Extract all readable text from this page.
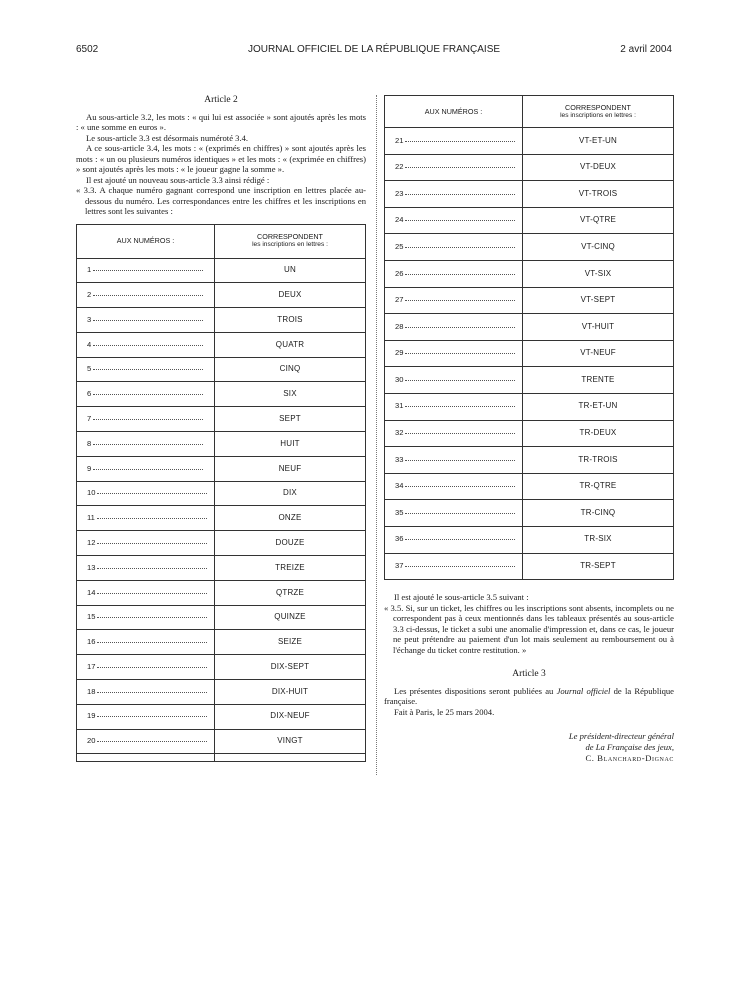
6502	JOURNAL OFFICIEL DE LA RÉPUBLIQUE FRANÇAISE	2 avril 2004
Article 2

Au sous-article 3.2, les mots : « qui lui est associée » sont ajoutés après les mots : « une somme en euros ».

Le sous-article 3.3 est désormais numéroté 3.4.

A ce sous-article 3.4, les mots : « (exprimés en chiffres) » sont ajoutés après les mots : « un ou plusieurs numéros identiques » et les mots : « (exprimée en chiffres) » sont ajoutés après les mots : « le joueur gagne la somme ».

Il est ajouté un nouveau sous-article 3.3 ainsi rédigé :

« 3.3. A chaque numéro gagnant correspond une inscription en lettres placée au-dessous du numéro. Les correspondances entre les chiffres et les inscriptions en lettres sont les suivantes :

AUX NUMÉROS :	CORRESPONDENT
les inscriptions en lettres :

1	UN
2	DEUX
3	TROIS
4	QUATR
5	CINQ
6	SIX
7	SEPT
8	HUIT
9	NEUF
10	DIX
11	ONZE
12	DOUZE
13	TREIZE
14	QTRZE
15	QUINZE
16	SEIZE
17	DIX-SEPT
18	DIX-HUIT
19	DIX-NEUF
20	VINGT

AUX NUMÉROS :	CORRESPONDENT
les inscriptions en lettres :

21	VT-ET-UN
22	VT-DEUX
23	VT-TROIS
24	VT-QTRE
25	VT-CINQ
26	VT-SIX
27	VT-SEPT
28	VT-HUIT
29	VT-NEUF
30	TRENTE
31	TR-ET-UN
32	TR-DEUX
33	TR-TROIS
34	TR-QTRE
35	TR-CINQ
36	TR-SIX
37	TR-SEPT

Il est ajouté le sous-article 3.5 suivant :

« 3.5. Si, sur un ticket, les chiffres ou les inscriptions sont absents, incomplets ou ne correspondent pas à ceux mentionnés dans les tableaux présentés au sous-article 3.3 ci-dessus, le ticket a subi une anomalie d'impression et, dans ce cas, le joueur ne peut prétendre au paiement d'un lot mais seulement au remboursement ou à l'échange du ticket contre restitution. »

Article 3

Les présentes dispositions seront publiées au Journal officiel de la République française.

Fait à Paris, le 25 mars 2004.

Le président-directeur général
de La Française des jeux,
C. Blanchard-Dignac
